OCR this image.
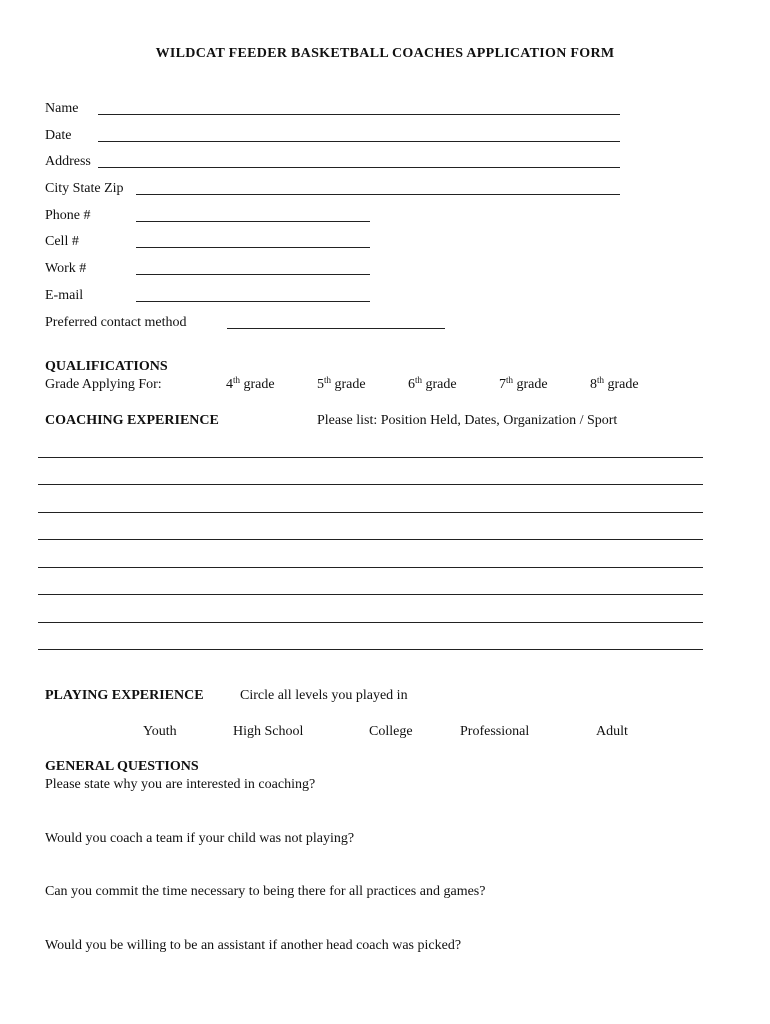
WILDCAT FEEDER BASKETBALL COACHES APPLICATION FORM
Name
Date
Address
City State Zip
Phone #
Cell #
Work #
E-mail
Preferred contact method
QUALIFICATIONS
Grade Applying For:	4th grade	5th grade	6th grade	7th grade	8th grade
COACHING EXPERIENCE	Please list: Position Held, Dates, Organization / Sport
PLAYING EXPERIENCE	Circle all levels you played in
Youth	High School	College	Professional	Adult
GENERAL QUESTIONS
Please state why you are interested in coaching?
Would you coach a team if your child was not playing?
Can you commit the time necessary to being there for all practices and games?
Would you be willing to be an assistant if another head coach was picked?
